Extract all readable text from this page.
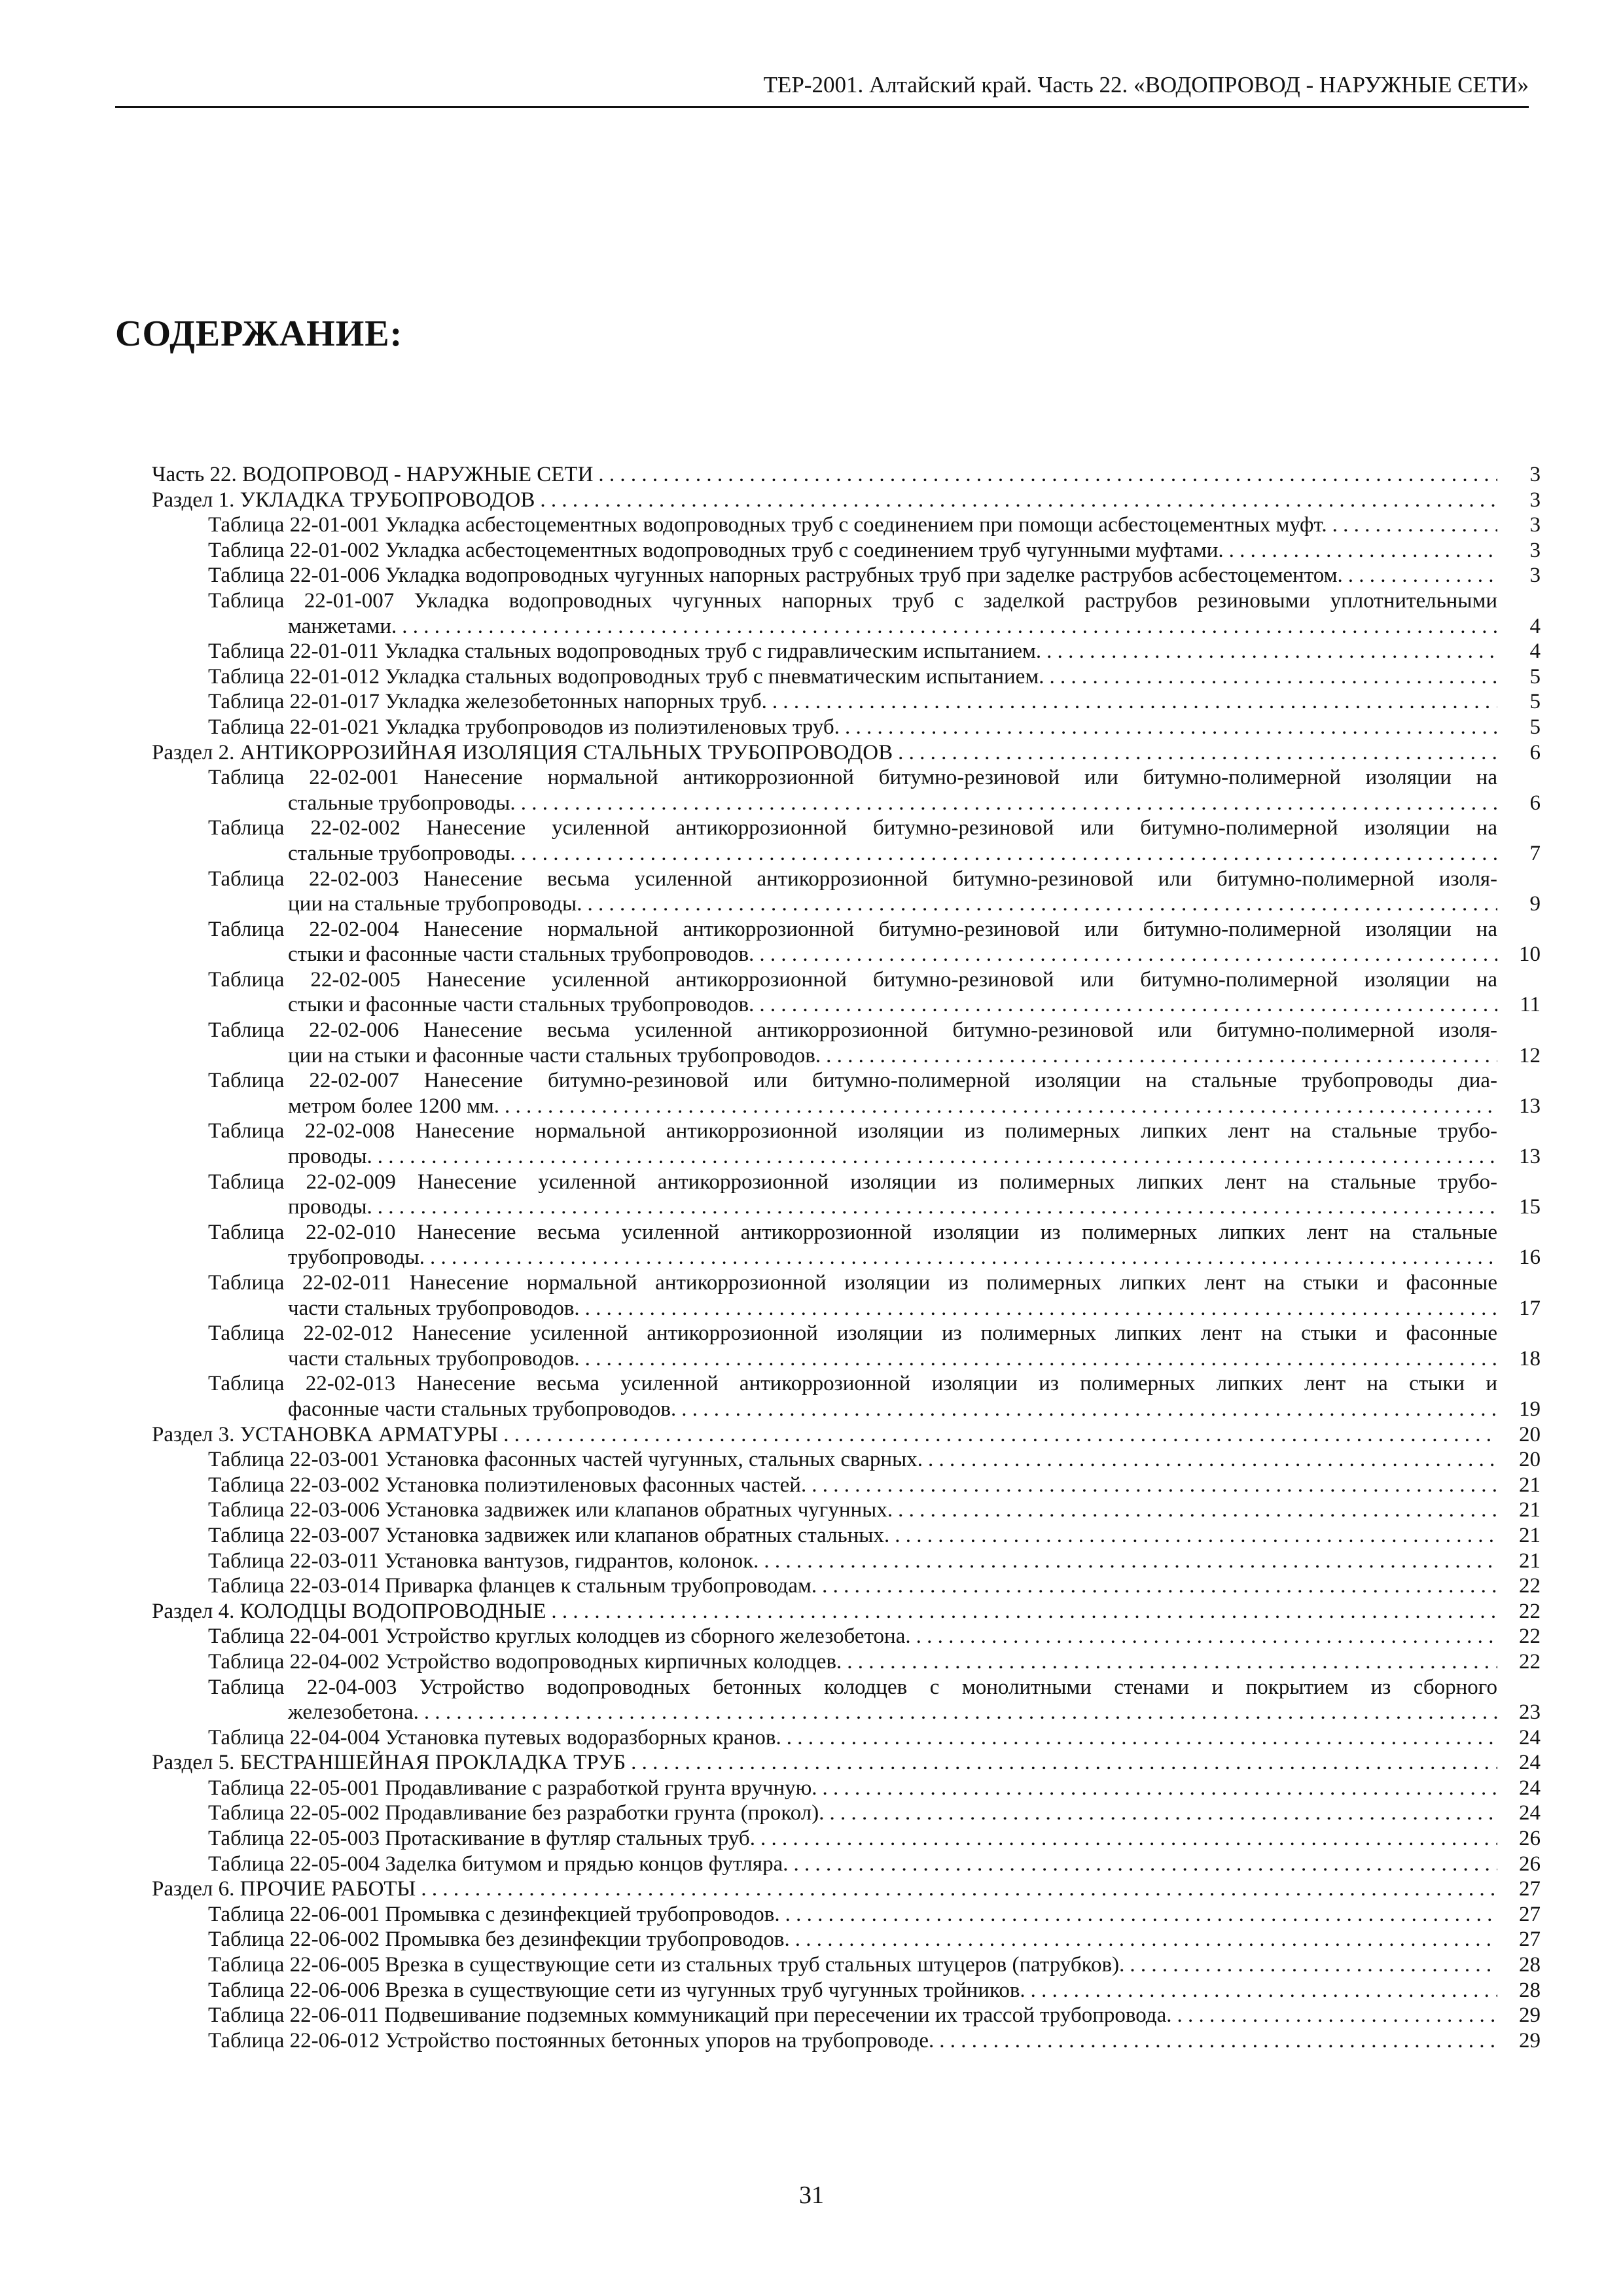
ТЕР-2001. Алтайский край. Часть 22. «ВОДОПРОВОД - НАРУЖНЫЕ СЕТИ»
СОДЕРЖАНИЕ:
Часть 22. ВОДОПРОВОД - НАРУЖНЫЕ СЕТИ . . .	3
Раздел 1. УКЛАДКА ТРУБОПРОВОДОВ . . .	3
Таблица 22-01-001 Укладка асбестоцементных водопроводных труб с соединением при помощи асбестоцементных муфт. . . .	3
Таблица 22-01-002 Укладка асбестоцементных водопроводных труб с соединением труб чугунными муфтами. . . .	3
Таблица 22-01-006 Укладка водопроводных чугунных напорных раструбных труб при заделке раструбов асбестоцементом. . . .	3
Таблица 22-01-007 Укладка водопроводных чугунных напорных труб с заделкой раструбов резиновыми уплотнительными
манжетами. . . .	4
Таблица 22-01-011 Укладка стальных водопроводных труб с гидравлическим испытанием. . . .	4
Таблица 22-01-012 Укладка стальных водопроводных труб с пневматическим испытанием. . . .	5
Таблица 22-01-017 Укладка железобетонных напорных труб. . . .	5
Таблица 22-01-021 Укладка трубопроводов из полиэтиленовых труб. . . .	5
Раздел 2. АНТИКОРРОЗИЙНАЯ ИЗОЛЯЦИЯ СТАЛЬНЫХ ТРУБОПРОВОДОВ . . .	6
Таблица 22-02-001 Нанесение нормальной антикоррозионной битумно-резиновой или битумно-полимерной изоляции на
стальные трубопроводы. . . .	6
Таблица 22-02-002 Нанесение усиленной антикоррозионной битумно-резиновой или битумно-полимерной изоляции на
стальные трубопроводы. . . .	7
Таблица 22-02-003 Нанесение весьма усиленной антикоррозионной битумно-резиновой или битумно-полимерной изоля-
ции на стальные трубопроводы. . . .	9
Таблица 22-02-004 Нанесение нормальной антикоррозионной битумно-резиновой или битумно-полимерной изоляции на
стыки и фасонные части стальных трубопроводов. . . .	10
Таблица 22-02-005 Нанесение усиленной антикоррозионной битумно-резиновой или битумно-полимерной изоляции на
стыки и фасонные части стальных трубопроводов. . . .	11
Таблица 22-02-006 Нанесение весьма усиленной антикоррозионной битумно-резиновой или битумно-полимерной изоля-
ции на стыки и фасонные части стальных трубопроводов. . . .	12
Таблица 22-02-007 Нанесение битумно-резиновой или битумно-полимерной изоляции на стальные трубопроводы диа-
метром более 1200 мм. . . .	13
Таблица 22-02-008 Нанесение нормальной антикоррозионной изоляции из полимерных липких лент на стальные трубо-
проводы. . . .	13
Таблица 22-02-009 Нанесение усиленной антикоррозионной изоляции из полимерных липких лент на стальные трубо-
проводы. . . .	15
Таблица 22-02-010 Нанесение весьма усиленной антикоррозионной изоляции из полимерных липких лент на стальные
трубопроводы. . . .	16
Таблица 22-02-011 Нанесение нормальной антикоррозионной изоляции из полимерных липких лент на стыки и фасонные
части стальных трубопроводов. . . .	17
Таблица 22-02-012 Нанесение усиленной антикоррозионной изоляции из полимерных липких лент на стыки и фасонные
части стальных трубопроводов. . . .	18
Таблица 22-02-013 Нанесение весьма усиленной антикоррозионной изоляции из полимерных липких лент на стыки и
фасонные части стальных трубопроводов. . . .	19
Раздел 3. УСТАНОВКА АРМАТУРЫ . . .	20
Таблица 22-03-001 Установка фасонных частей чугунных, стальных сварных. . . .	20
Таблица 22-03-002 Установка полиэтиленовых фасонных частей. . . .	21
Таблица 22-03-006 Установка задвижек или клапанов обратных чугунных. . . .	21
Таблица 22-03-007 Установка задвижек или клапанов обратных стальных. . . .	21
Таблица 22-03-011 Установка вантузов, гидрантов, колонок. . . .	21
Таблица 22-03-014 Приварка фланцев к стальным трубопроводам. . . .	22
Раздел 4. КОЛОДЦЫ ВОДОПРОВОДНЫЕ . . .	22
Таблица 22-04-001 Устройство круглых колодцев из сборного железобетона. . . .	22
Таблица 22-04-002 Устройство водопроводных кирпичных колодцев. . . .	22
Таблица 22-04-003 Устройство водопроводных бетонных колодцев с монолитными стенами и покрытием из сборного
железобетона. . . .	23
Таблица 22-04-004 Установка путевых водоразборных кранов. . . .	24
Раздел 5. БЕСТРАНШЕЙНАЯ ПРОКЛАДКА ТРУБ . . .	24
Таблица 22-05-001 Продавливание с разработкой грунта вручную. . . .	24
Таблица 22-05-002 Продавливание без разработки грунта (прокол). . . .	24
Таблица 22-05-003 Протаскивание в футляр стальных труб. . . .	26
Таблица 22-05-004 Заделка битумом и прядью концов футляра. . . .	26
Раздел 6. ПРОЧИЕ РАБОТЫ . . .	27
Таблица 22-06-001 Промывка с дезинфекцией трубопроводов. . . .	27
Таблица 22-06-002 Промывка без дезинфекции трубопроводов. . . .	27
Таблица 22-06-005 Врезка в существующие сети из стальных труб стальных штуцеров (патрубков). . . .	28
Таблица 22-06-006 Врезка в существующие сети из чугунных труб чугунных тройников. . . .	28
Таблица 22-06-011 Подвешивание подземных коммуникаций при пересечении их трассой трубопровода. . . .	29
Таблица 22-06-012 Устройство постоянных бетонных упоров на трубопроводе. . . .	29
31
